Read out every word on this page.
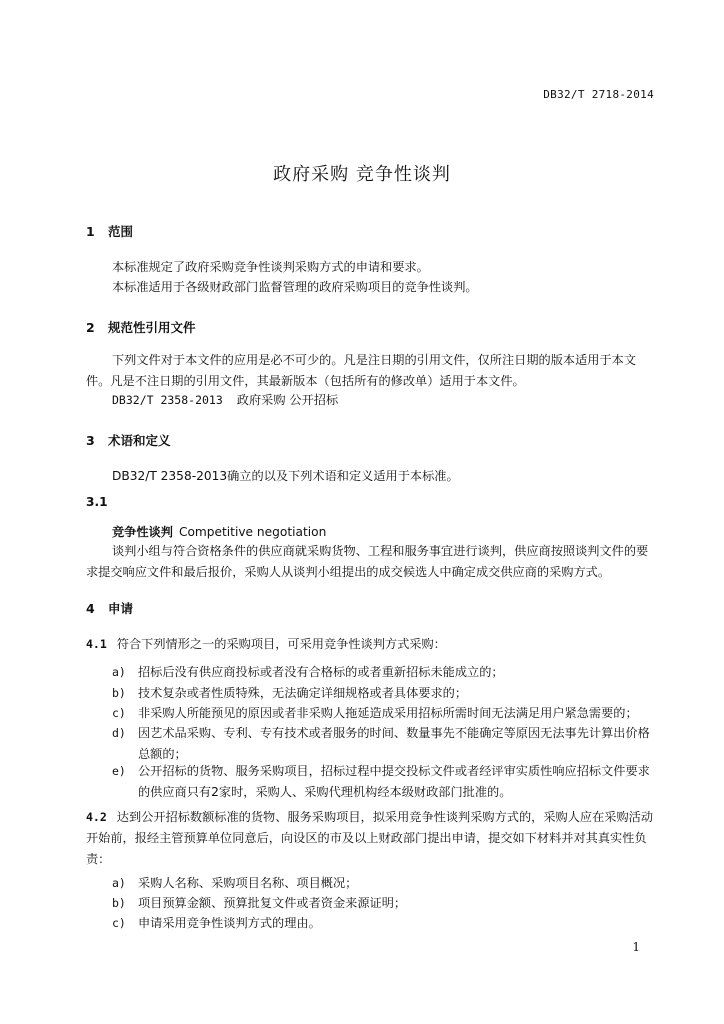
DB32/T 2718-2014
政府采购 竞争性谈判
1 范围
本标准规定了政府采购竞争性谈判采购方式的申请和要求。
本标准适用于各级财政部门监督管理的政府采购项目的竞争性谈判。
2 规范性引用文件
下列文件对于本文件的应用是必不可少的。凡是注日期的引用文件，仅所注日期的版本适用于本文件。凡是不注日期的引用文件，其最新版本（包括所有的修改单）适用于本文件。
DB32/T 2358-2013 政府采购 公开招标
3 术语和定义
DB32/T 2358-2013确立的以及下列术语和定义适用于本标准。
3.1
竞争性谈判 Competitive negotiation
谈判小组与符合资格条件的供应商就采购货物、工程和服务事宜进行谈判，供应商按照谈判文件的要求提交响应文件和最后报价，采购人从谈判小组提出的成交候选人中确定成交供应商的采购方式。
4 申请
4.1 符合下列情形之一的采购项目，可采用竞争性谈判方式采购：
a) 招标后没有供应商投标或者没有合格标的或者重新招标未能成立的；
b) 技术复杂或者性质特殊，无法确定详细规格或者具体要求的；
c) 非采购人所能预见的原因或者非采购人拖延造成采用招标所需时间无法满足用户紧急需要的；
d) 因艺术品采购、专利、专有技术或者服务的时间、数量事先不能确定等原因无法事先计算出价格总额的；
e) 公开招标的货物、服务采购项目，招标过程中提交投标文件或者经评审实质性响应招标文件要求的供应商只有2家时，采购人、采购代理机构经本级财政部门批准的。
4.2 达到公开招标数额标准的货物、服务采购项目，拟采用竞争性谈判采购方式的，采购人应在采购活动开始前，报经主管预算单位同意后，向设区的市及以上财政部门提出申请，提交如下材料并对其真实性负责：
a) 采购人名称、采购项目名称、项目概况；
b) 项目预算金额、预算批复文件或者资金来源证明；
c) 申请采用竞争性谈判方式的理由。
1
